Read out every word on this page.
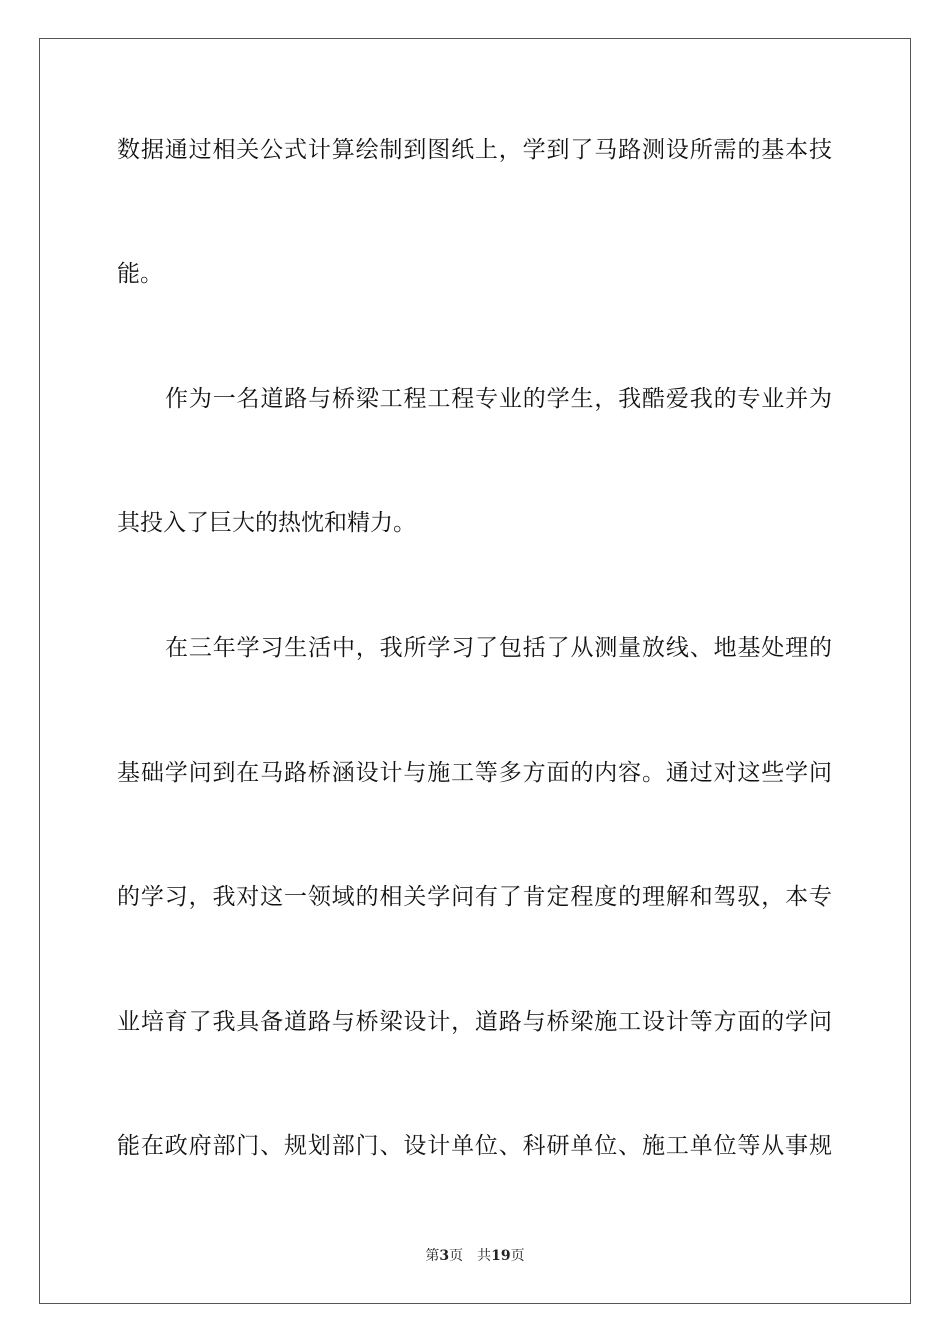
数据通过相关公式计算绘制到图纸上，学到了马路测设所需的基本技
能。
作为一名道路与桥梁工程工程专业的学生，我酷爱我的专业并为
其投入了巨大的热忱和精力。
在三年学习生活中，我所学习了包括了从测量放线、地基处理的
基础学问到在马路桥涵设计与施工等多方面的内容。通过对这些学问
的学习，我对这一领域的相关学问有了肯定程度的理解和驾驭，本专
业培育了我具备道路与桥梁设计，道路与桥梁施工设计等方面的学问
能在政府部门、规划部门、设计单位、科研单位、施工单位等从事规
第3页 共19页
